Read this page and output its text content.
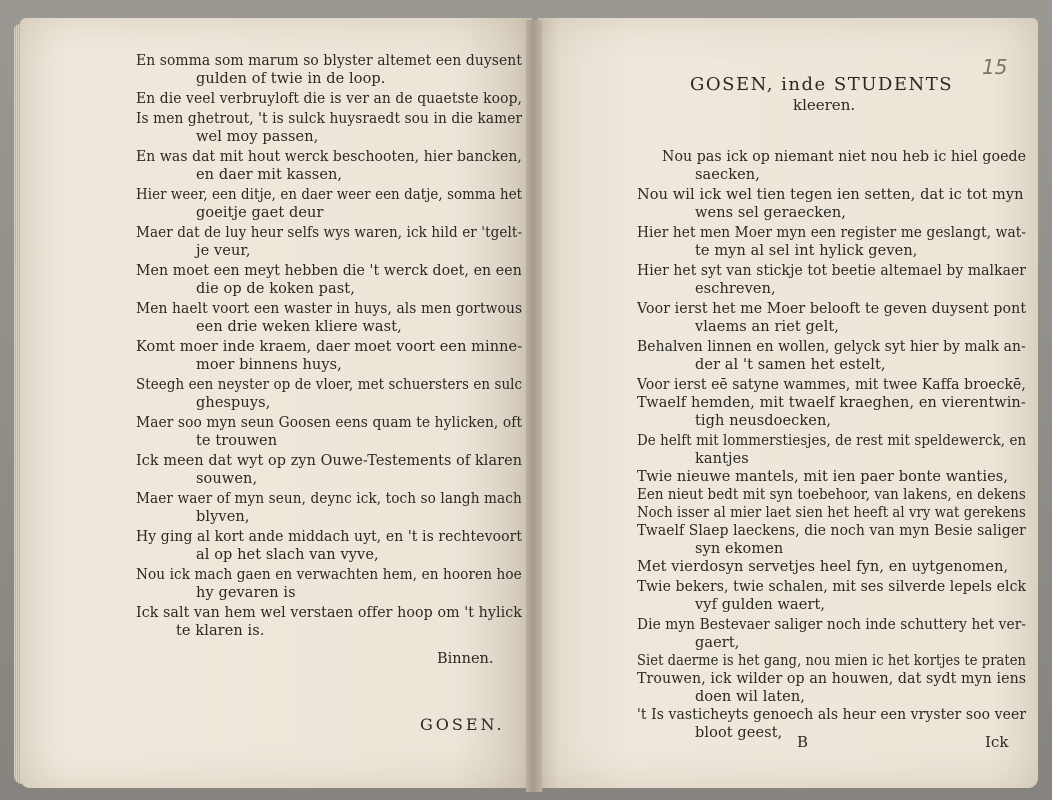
En somma som marum so blyster altemet een duysent
gulden of twie in de loop.
En die veel verbruyloft die is ver an de quaetste koop,
Is men ghetrout, 't is sulck huysraedt sou in die kamer
wel moy passen,
En was dat mit hout werck beschooten, hier bancken,
en daer mit kassen,
Hier weer, een ditje, en daer weer een datje, somma het
goeitje gaet deur
Maer dat de luy heur selfs wys waren, ick hild er 'tgelt-
je veur,
Men moet een meyt hebben die 't werck doet, en een
die op de koken past,
Men haelt voort een waster in huys, als men gortwous
een drie weken kliere wast,
Komt moer inde kraem, daer moet voort een minne-
moer binnens huys,
Steegh een neyster op de vloer, met schuersters en sulc
ghespuys,
Maer soo myn seun Goosen eens quam te hylicken, oft
te trouwen
Ick meen dat wyt op zyn Ouwe-Testements of klaren
souwen,
Maer waer of myn seun, deync ick, toch so langh mach
blyven,
Hy ging al kort ande middach uyt, en 't is rechtevoort
al op het slach van vyve,
Nou ick mach gaen en verwachten hem, en hooren hoe
hy gevaren is
Ick salt van hem wel verstaen offer hoop om 't hylick
te klaren is.
Binnen.
GOSEN.
15
GOSEN, inde STUDENTS
kleeren.
Nou pas ick op niemant niet nou heb ic hiel goede
saecken,
Nou wil ick wel tien tegen ien setten, dat ic tot myn
wens sel geraecken,
Hier het men Moer myn een register me geslangt, wat-
te myn al sel int hylick geven,
Hier het syt van stickje tot beetie altemael by malkaer
eschreven,
Voor ierst het me Moer belooft te geven duysent pont
vlaems an riet gelt,
Behalven linnen en wollen, gelyck syt hier by malk an-
der al 't samen het estelt,
Voor ierst eē satyne wammes, mit twee Kaffa broeckē,
Twaelf hemden, mit twaelf kraeghen, en vierentwin-
tigh neusdoecken,
De helft mit lommerstiesjes, de rest mit speldewerck, en
kantjes
Twie nieuwe mantels, mit ien paer bonte wanties,
Een nieut bedt mit syn toebehoor, van lakens, en dekens
Noch isser al mier laet sien het heeft al vry wat gerekens
Twaelf Slaep laeckens, die noch van myn Besie saliger
syn ekomen
Met vierdosyn servetjes heel fyn, en uytgenomen,
Twie bekers, twie schalen, mit ses silverde lepels elck
vyf gulden waert,
Die myn Bestevaer saliger noch inde schuttery het ver-
gaert,
Siet daerme is het gang, nou mien ic het kortjes te praten
Trouwen, ick wilder op an houwen, dat sydt myn iens
doen wil laten,
't Is vasticheyts genoech als heur een vryster soo veer
bloot geest, B	Ick
